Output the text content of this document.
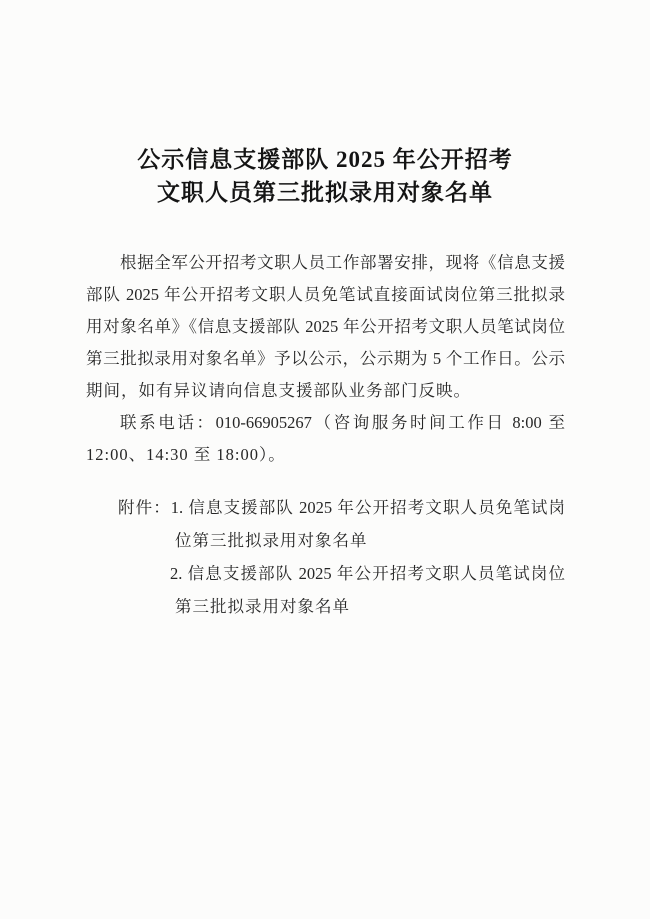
公示信息支援部队 2025 年公开招考
文职人员第三批拟录用对象名单
根据全军公开招考文职人员工作部署安排，现将《信息支援
部队 2025 年公开招考文职人员免笔试直接面试岗位第三批拟录
用对象名单》《信息支援部队 2025 年公开招考文职人员笔试岗位
第三批拟录用对象名单》予以公示，公示期为 5 个工作日。公示
期间，如有异议请向信息支援部队业务部门反映。
联系电话：010-66905267（咨询服务时间工作日 8:00 至
12:00、14:30 至 18:00）。
附件：1. 信息支援部队 2025 年公开招考文职人员免笔试岗
位第三批拟录用对象名单
2. 信息支援部队 2025 年公开招考文职人员笔试岗位
第三批拟录用对象名单
